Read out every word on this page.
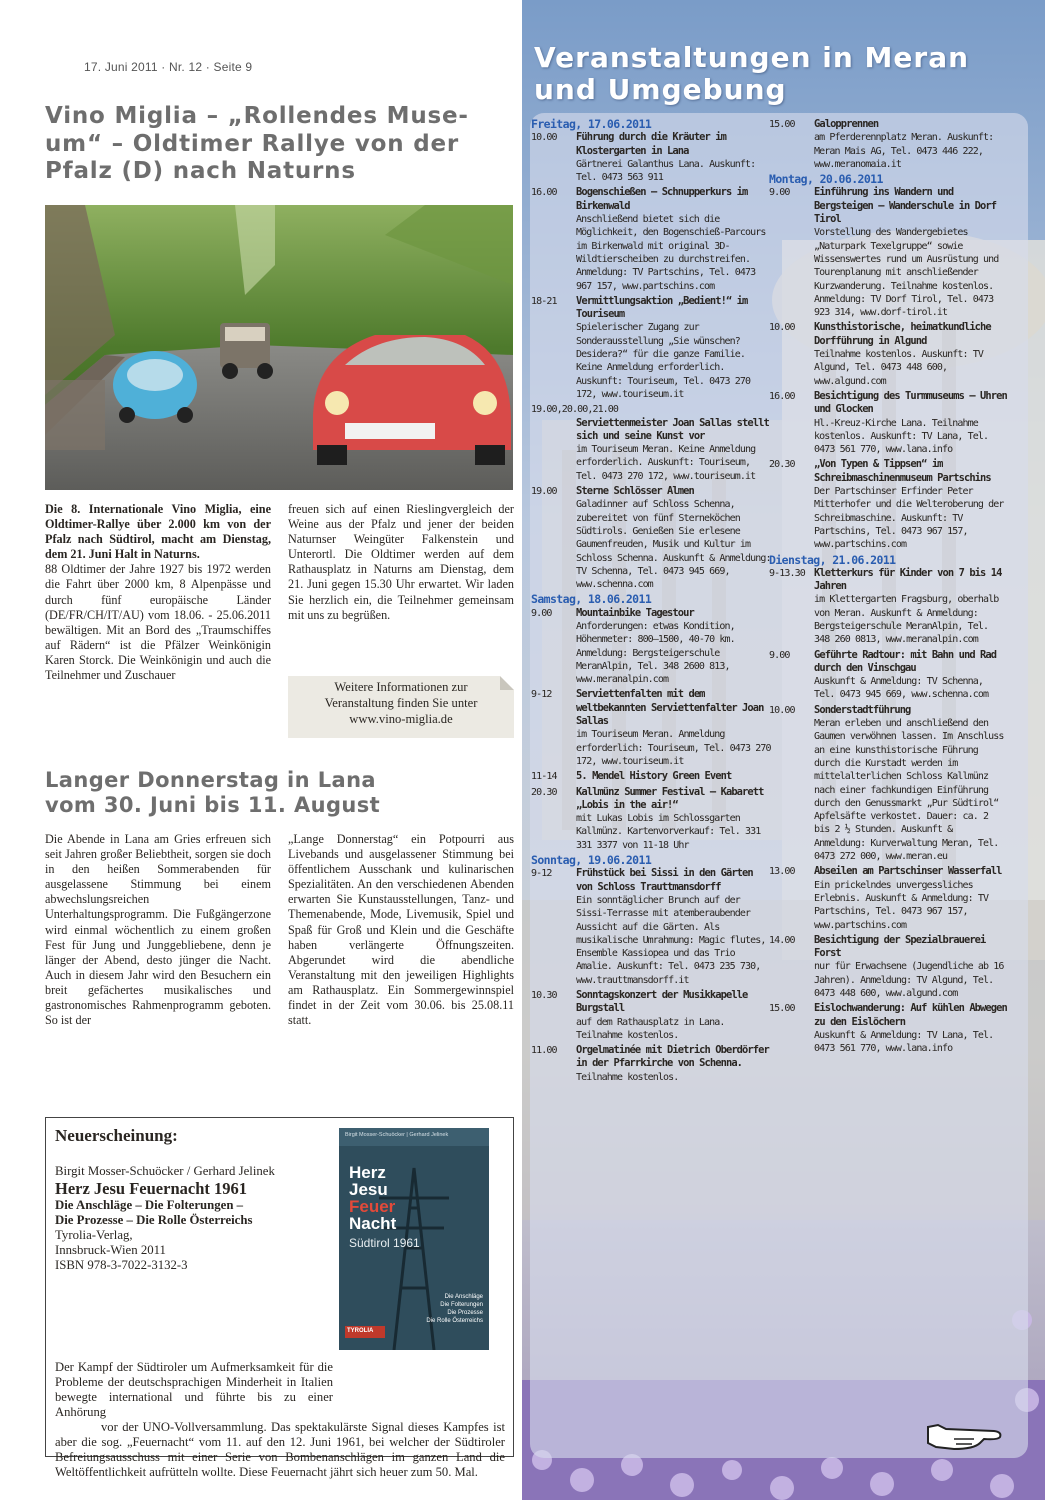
17. Juni 2011 · Nr. 12 · Seite 9
Vino Miglia – „Rollendes Muse-
um“ – Oldtimer Rallye von der
Pfalz (D) nach Naturns

Die 8. Internationale Vino Miglia, eine Oldtimer-Rallye über 2.000 km von der Pfalz nach Südtirol, macht am Dienstag, dem 21. Juni Halt in Naturns.

88 Oldtimer der Jahre 1927 bis 1972 werden die Fahrt über 2000 km, 8 Alpenpässe und durch fünf europäische Länder (DE/FR/CH/IT/AU) vom 18.06. - 25.06.2011 bewältigen. Mit an Bord des „Traumschiffes auf Rädern“ ist die Pfälzer Weinkönigin Karen Storck. Die Weinkönigin und auch die Teilnehmer und Zuschauer

freuen sich auf einen Rieslingvergleich der Weine aus der Pfalz und jener der beiden Naturnser Weingüter Falkenstein und Unterortl. Die Oldtimer werden auf dem Rathausplatz in Naturns am Dienstag, dem 21. Juni gegen 15.30 Uhr erwartet. Wir laden Sie herzlich ein, die Teilnehmer gemeinsam mit uns zu begrüßen.

Weitere Informationen zur
Veranstaltung finden Sie unter
www.vino-miglia.de
Langer Donnerstag in Lana
vom 30. Juni bis 11. August

Die Abende in Lana am Gries erfreuen sich seit Jahren großer Beliebtheit, sorgen sie doch in den heißen Sommerabenden für ausgelassene Stimmung bei einem abwechslungsreichen Unterhaltungsprogramm. Die Fußgängerzone wird einmal wöchentlich zu einem großen Fest für Jung und Junggebliebene, denn je länger der Abend, desto jünger die Nacht. Auch in diesem Jahr wird den Besuchern ein breit gefächertes musikalisches und gastronomisches Rahmenprogramm geboten. So ist der

„Lange Donnerstag“ ein Potpourri aus Livebands und ausgelassener Stimmung bei öffentlichem Ausschank und kulinarischen Spezialitäten. An den verschiedenen Abenden erwarten Sie Kunstausstellungen, Tanz- und Themenabende, Mode, Livemusik, Spiel und Spaß für Groß und Klein und die Geschäfte haben verlängerte Öffnungszeiten. Abgerundet wird die abendliche Veranstaltung mit den jeweiligen Highlights am Rathausplatz. Ein Sommergewinnspiel findet in der Zeit vom 30.06. bis 25.08.11 statt.

Neuerscheinung:
Birgit Mosser-Schuöcker / Gerhard Jelinek
Herz Jesu Feuernacht 1961
Die Anschläge – Die Folterungen –
Die Prozesse – Die Rolle Österreichs
Tyrolia-Verlag,
Innsbruck-Wien 2011
ISBN 978-3-7022-3132-3
Birgit Mosser-Schuöcker | Gerhard Jelinek
Herz
Jesu
Feuer
Nacht
Südtirol 1961
Die Anschläge
Die Folterungen
Die Prozesse
Die Rolle Österreichs
TYROLIA
Der Kampf der Südtiroler um Aufmerksamkeit für die Probleme der deutschsprachigen Minderheit in Italien bewegte international und führte bis zu einer Anhörung
vor der UNO-Vollversammlung. Das spektakulärste Signal dieses Kampfes ist aber die sog. „Feuernacht“ vom 11. auf den 12. Juni 1961, bei welcher der Südtiroler Befreiungsausschuss mit einer Serie von Bombenanschlägen im ganzen Land die Weltöffentlichkeit aufrütteln wollte. Diese Feuernacht jährt sich heuer zum 50. Mal.
Veranstaltungen in Meran
und Umgebung
Freitag, 17.06.2011
10.00 Führung durch die Kräuter im Klostergarten in Lana
Gärtnerei Galanthus Lana. Auskunft: Tel. 0473 563 911
16.00 Bogenschießen – Schnupperkurs im Birkenwald
Anschließend bietet sich die Möglichkeit, den Bogenschieß-Parcours im Birkenwald mit original 3D-Wildtierscheiben zu durchstreifen. Anmeldung: TV Partschins, Tel. 0473 967 157, www.partschins.com
18-21 Vermittlungsaktion „Bedient!“ im Touriseum
Spielerischer Zugang zur Sonderausstellung „Sie wünschen? Desidera?“ für die ganze Familie. Keine Anmeldung erforderlich. Auskunft: Touriseum, Tel. 0473 270 172, www.touriseum.it
19.00,20.00,21.00
Serviettenmeister Joan Sallas stellt sich und seine Kunst vor
im Touriseum Meran. Keine Anmeldung erforderlich. Auskunft: Touriseum, Tel. 0473 270 172, www.touriseum.it
19.00 Sterne Schlösser Almen
Galadinner auf Schloss Schenna, zubereitet von fünf Sterneköchen Südtirols. Genießen Sie erlesene Gaumenfreuden, Musik und Kultur im Schloss Schenna. Auskunft & Anmeldung: TV Schenna, Tel. 0473 945 669, www.schenna.com
Samstag, 18.06.2011
9.00 Mountainbike Tagestour
Anforderungen: etwas Kondition, Höhenmeter: 800–1500, 40-70 km. Anmeldung: Bergsteigerschule MeranAlpin, Tel. 348 2600 813, www.meranalpin.com
9-12 Serviettenfalten mit dem weltbekannten Serviettenfalter Joan Sallas
im Touriseum Meran. Anmeldung erforderlich: Touriseum, Tel. 0473 270 172, www.touriseum.it
11-14 5. Mendel History Green Event
20.30 Kallmünz Summer Festival – Kabarett „Lobis in the air!“
mit Lukas Lobis im Schlossgarten Kallmünz. Kartenvorverkauf: Tel. 331 331 3377 von 11-18 Uhr
Sonntag, 19.06.2011
9-12 Frühstück bei Sissi in den Gärten von Schloss Trauttmansdorff
Ein sonntäglicher Brunch auf der Sissi-Terrasse mit atemberaubender Aussicht auf die Gärten. Als musikalische Umrahmung: Magic flutes, Ensemble Kassiopea und das Trio Amalie. Auskunft: Tel. 0473 235 730, www.trauttmansdorff.it
10.30 Sonntagskonzert der Musikkapelle Burgstall
auf dem Rathausplatz in Lana. Teilnahme kostenlos.
11.00 Orgelmatinée mit Dietrich Oberdörfer in der Pfarrkirche von Schenna.
Teilnahme kostenlos.
15.00 Galopprennen
am Pferderennplatz Meran. Auskunft: Meran Mais AG, Tel. 0473 446 222, www.meranomaia.it
Montag, 20.06.2011
9.00 Einführung ins Wandern und Bergsteigen – Wanderschule in Dorf Tirol
Vorstellung des Wandergebietes „Naturpark Texelgruppe“ sowie Wissenswertes rund um Ausrüstung und Tourenplanung mit anschließender Kurzwanderung. Teilnahme kostenlos. Anmeldung: TV Dorf Tirol, Tel. 0473 923 314, www.dorf-tirol.it
10.00 Kunsthistorische, heimatkundliche Dorfführung in Algund
Teilnahme kostenlos. Auskunft: TV Algund, Tel. 0473 448 600, www.algund.com
16.00 Besichtigung des Turmmuseums – Uhren und Glocken
Hl.-Kreuz-Kirche Lana. Teilnahme kostenlos. Auskunft: TV Lana, Tel. 0473 561 770, www.lana.info
20.30 „Von Typen & Tippsen“ im Schreibmaschinenmuseum Partschins
Der Partschinser Erfinder Peter Mitterhofer und die Welteroberung der Schreibmaschine. Auskunft: TV Partschins, Tel. 0473 967 157, www.partschins.com
Dienstag, 21.06.2011
9-13.30 Kletterkurs für Kinder von 7 bis 14 Jahren
im Klettergarten Fragsburg, oberhalb von Meran. Auskunft & Anmeldung: Bergsteigerschule MeranAlpin, Tel. 348 260 0813, www.meranalpin.com
9.00 Geführte Radtour: mit Bahn und Rad durch den Vinschgau
Auskunft & Anmeldung: TV Schenna, Tel. 0473 945 669, www.schenna.com
10.00 Sonderstadtführung
Meran erleben und anschließend den Gaumen verwöhnen lassen. Im Anschluss an eine kunsthistorische Führung durch die Kurstadt werden im mittelalterlichen Schloss Kallmünz nach einer fachkundigen Einführung durch den Genussmarkt „Pur Südtirol“ Apfelsäfte verkostet. Dauer: ca. 2 bis 2 ½ Stunden. Auskunft & Anmeldung: Kurverwaltung Meran, Tel. 0473 272 000, www.meran.eu
13.00 Abseilen am Partschinser Wasserfall
Ein prickelndes unvergessliches Erlebnis. Auskunft & Anmeldung: TV Partschins, Tel. 0473 967 157, www.partschins.com
14.00 Besichtigung der Spezialbrauerei Forst
nur für Erwachsene (Jugendliche ab 16 Jahren). Anmeldung: TV Algund, Tel. 0473 448 600, www.algund.com
15.00 Eislochwanderung: Auf kühlen Abwegen zu den Eislöchern
Auskunft & Anmeldung: TV Lana, Tel. 0473 561 770, www.lana.info
